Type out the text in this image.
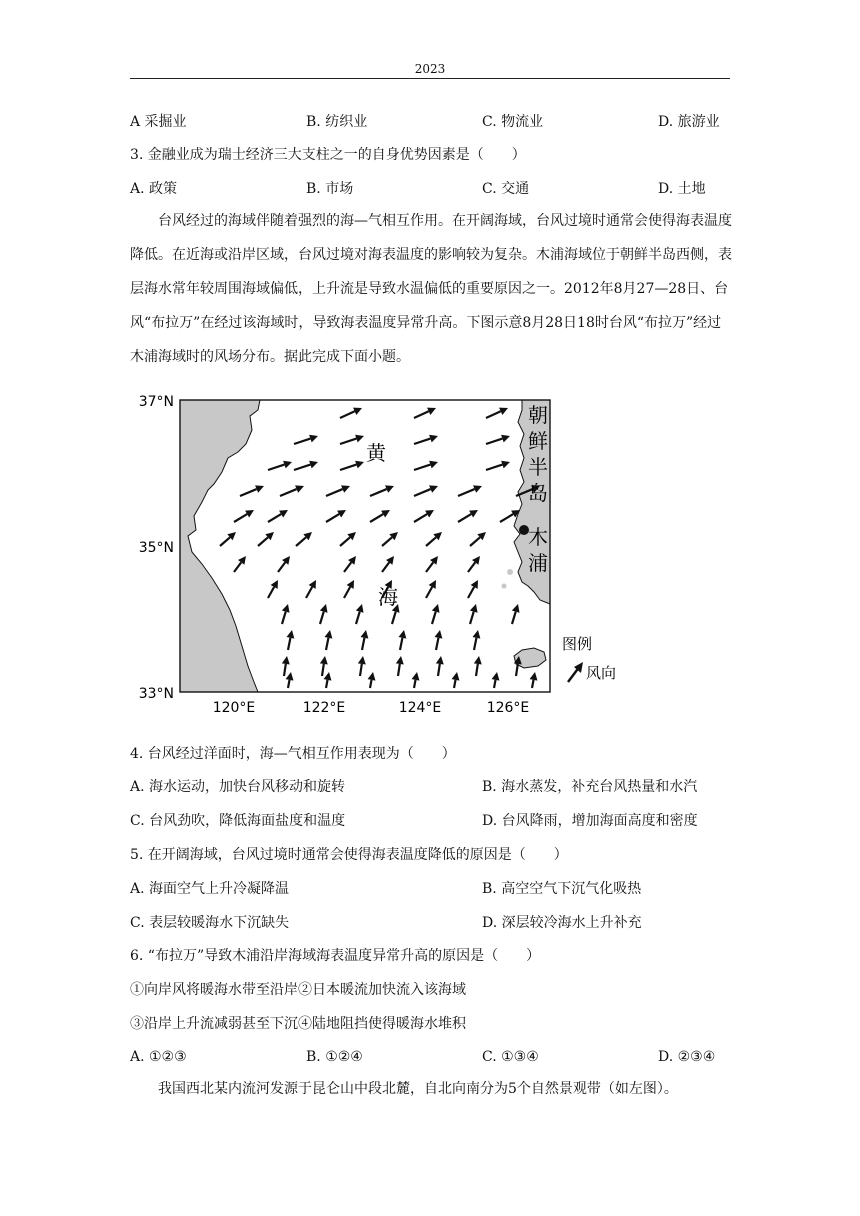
2023
A 采掘业	B. 纺织业	C. 物流业	D. 旅游业
3. 金融业成为瑞士经济三大支柱之一的自身优势因素是（　　）
A. 政策	B. 市场	C. 交通	D. 土地
台风经过的海域伴随着强烈的海—气相互作用。在开阔海域，台风过境时通常会使得海表温度降低。在近海或沿岸区域，台风过境对海表温度的影响较为复杂。木浦海域位于朝鲜半岛西侧，表层海水常年较周围海域偏低，上升流是导致水温偏低的重要原因之一。2012年8月27—28日、台风“布拉万”在经过该海域时，导致海表温度异常升高。下图示意8月28日18时台风“布拉万”经过木浦海域时的风场分布。据此完成下面小题。
37°N
35°N
33°N
120°E	122°E	124°E	126°E
黄
海
朝
鲜
半
岛
木
浦
图例
风向
4. 台风经过洋面时，海—气相互作用表现为（　　）
A. 海水运动，加快台风移动和旋转	B. 海水蒸发，补充台风热量和水汽
C. 台风劲吹，降低海面盐度和温度	D. 台风降雨，增加海面高度和密度
5. 在开阔海域，台风过境时通常会使得海表温度降低的原因是（　　）
A. 海面空气上升冷凝降温	B. 高空空气下沉气化吸热
C. 表层较暖海水下沉缺失	D. 深层较冷海水上升补充
6. “布拉万”导致木浦沿岸海域海表温度异常升高的原因是（　　）
①向岸风将暖海水带至沿岸②日本暖流加快流入该海域
③沿岸上升流减弱甚至下沉④陆地阻挡使得暖海水堆积
A. ①②③	B. ①②④	C. ①③④	D. ②③④
我国西北某内流河发源于昆仑山中段北麓，自北向南分为5个自然景观带（如左图）。
